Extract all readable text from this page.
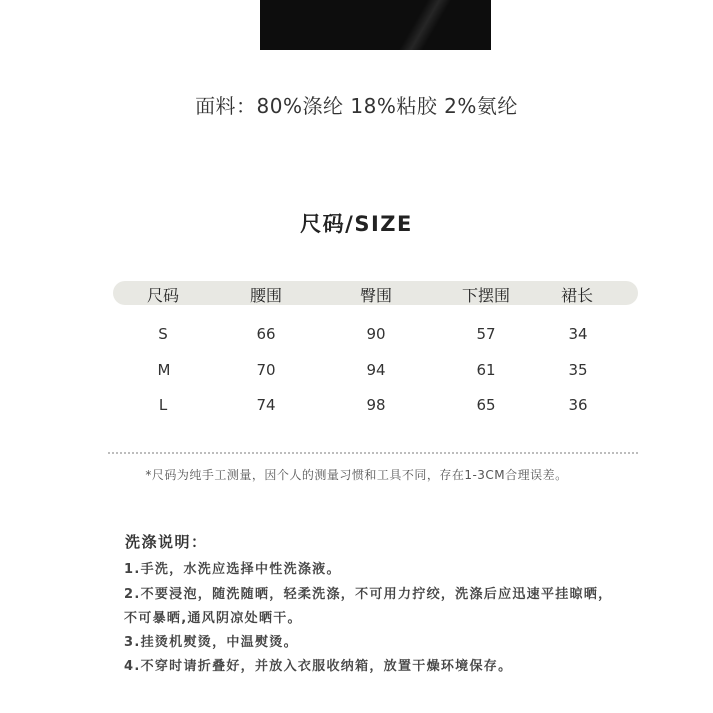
面料：80%涤纶 18%粘胶 2%氨纶
尺码/SIZE
尺码	腰围	臀围	下摆围	裙长
S	66	90	57	34
M	70	94	61	35
L	74	98	65	36
*尺码为纯手工测量，因个人的测量习惯和工具不同，存在1-3CM合理误差。
洗涤说明：
1.手洗，水洗应选择中性洗涤液。
2.不要浸泡，随洗随晒，轻柔洗涤，不可用力拧绞，洗涤后应迅速平挂晾晒，
不可暴晒,通风阴凉处晒干。
3.挂烫机熨烫，中温熨烫。
4.不穿时请折叠好，并放入衣服收纳箱，放置干燥环境保存。
